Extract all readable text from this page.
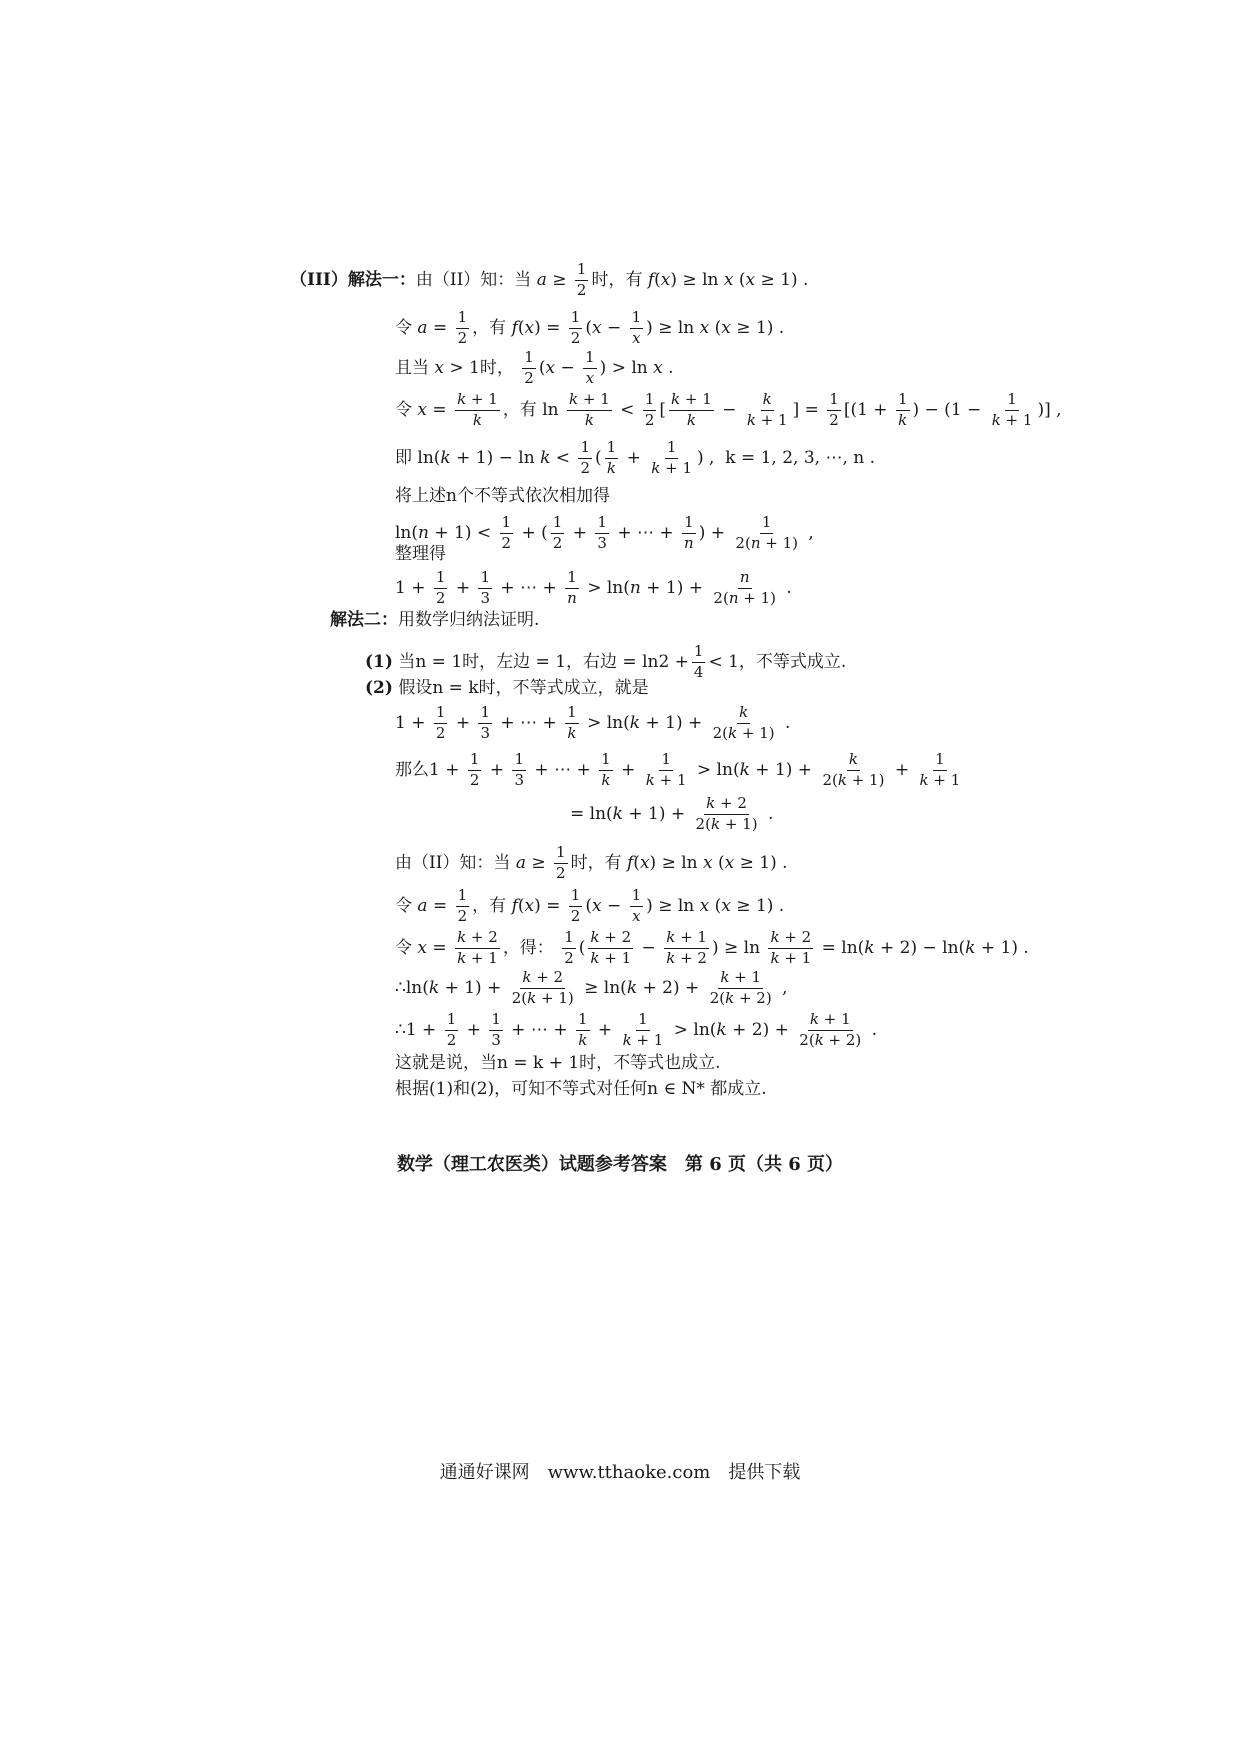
（III）解法一： 由（II）知：当 $a \ge \frac{1}{2}$ 时，有 f(x) ≥ ln x (x ≥ 1) .
令 $a = \frac{1}{2}$ ，有 $f(x) = \frac{1}{2} (x - \frac{1}{x}$ ) ≥ ln x (x ≥ 1) .
且当 x > 1 时，
$\frac{1}{2} (x - \frac{1}{x}$ ) > ln x .
令 $x = \frac{k + 1}{k}$ ，有 $\ln \frac{k + 1}{k} < \frac{1}{2}$ [ $\frac{k + 1}{k} - \frac{k}{k + 1}$ ] = $\frac{1}{2} [(1 + \frac{1}{k}$ ) − ($1 - \frac{1}{k + 1}$ )] ,
即 $\ln(k + 1) - \ln k < \frac{1}{2}$ ( $\frac{1}{k} + \frac{1}{k + 1}$ ) , k = 1, 2, 3, ⋯, n .
将上述n个不等式依次相加得
$\ln(n + 1) < \frac{1}{2}$ + ( $\frac{1}{2} + \frac{1}{3}$ + ⋯ + $\frac{1}{n}$ ) + $\frac{1}{2(n + 1)}$ ,
整理得
$1 + \frac{1}{2} + \frac{1}{3}$ + ⋯ + $\frac{1}{n} > \ln(n + 1) + \frac{n}{2(n + 1)}$ .
解法二： 用数学归纳法证明.
(1)
当n = 1时，左边 = 1，右边 = $\ln 2 + \frac{1}{4} < 1$，不等式成立.
(2)
假设n = k时，不等式成立，就是
$1 + \frac{1}{2} + \frac{1}{3}$ + ⋯ + $\frac{1}{k} > \ln(k + 1) + \frac{k}{2(k + 1)}$ .
那么 $1 + \frac{1}{2} + \frac{1}{3}$ + ⋯ + $\frac{1}{k} + \frac{1}{k + 1} > \ln(k + 1) + \frac{k}{2(k + 1)} + \frac{1}{k + 1}$
= $\ln(k + 1) + \frac{k + 2}{2(k + 1)}$ .
由（II）知：当 $a \ge \frac{1}{2}$ 时，有 f(x) ≥ ln x (x ≥ 1) .
令 $a = \frac{1}{2}$ ，有 $f(x) = \frac{1}{2} (x - \frac{1}{x}$ ) ≥ ln x (x ≥ 1) .
令 $x = \frac{k + 2}{k + 1}$ ，得：
$\frac{1}{2}$ ( $\frac{k + 2}{k + 1} - \frac{k + 1}{k + 2}$ ) ≥ $\ln \frac{k + 2}{k + 1} = \ln(k + 2) - \ln(k + 1)$ .
∴ $\ln(k + 1) + \frac{k + 2}{2(k + 1)} \ge \ln(k + 2) + \frac{k + 1}{2(k + 2)}$ ,
∴ $1 + \frac{1}{2} + \frac{1}{3}$ + ⋯ + $\frac{1}{k} + \frac{1}{k + 1} > \ln(k + 2) + \frac{k + 1}{2(k + 2)}$ .
这就是说，当n = k + 1时，不等式也成立.
根据(1)和(2)，可知不等式对任何n ∈ N* 都成立.
数学（理工农医类）试题参考答案　第 6 页（共 6 页）
通通好课网　www.tthaoke.com　提供下载
